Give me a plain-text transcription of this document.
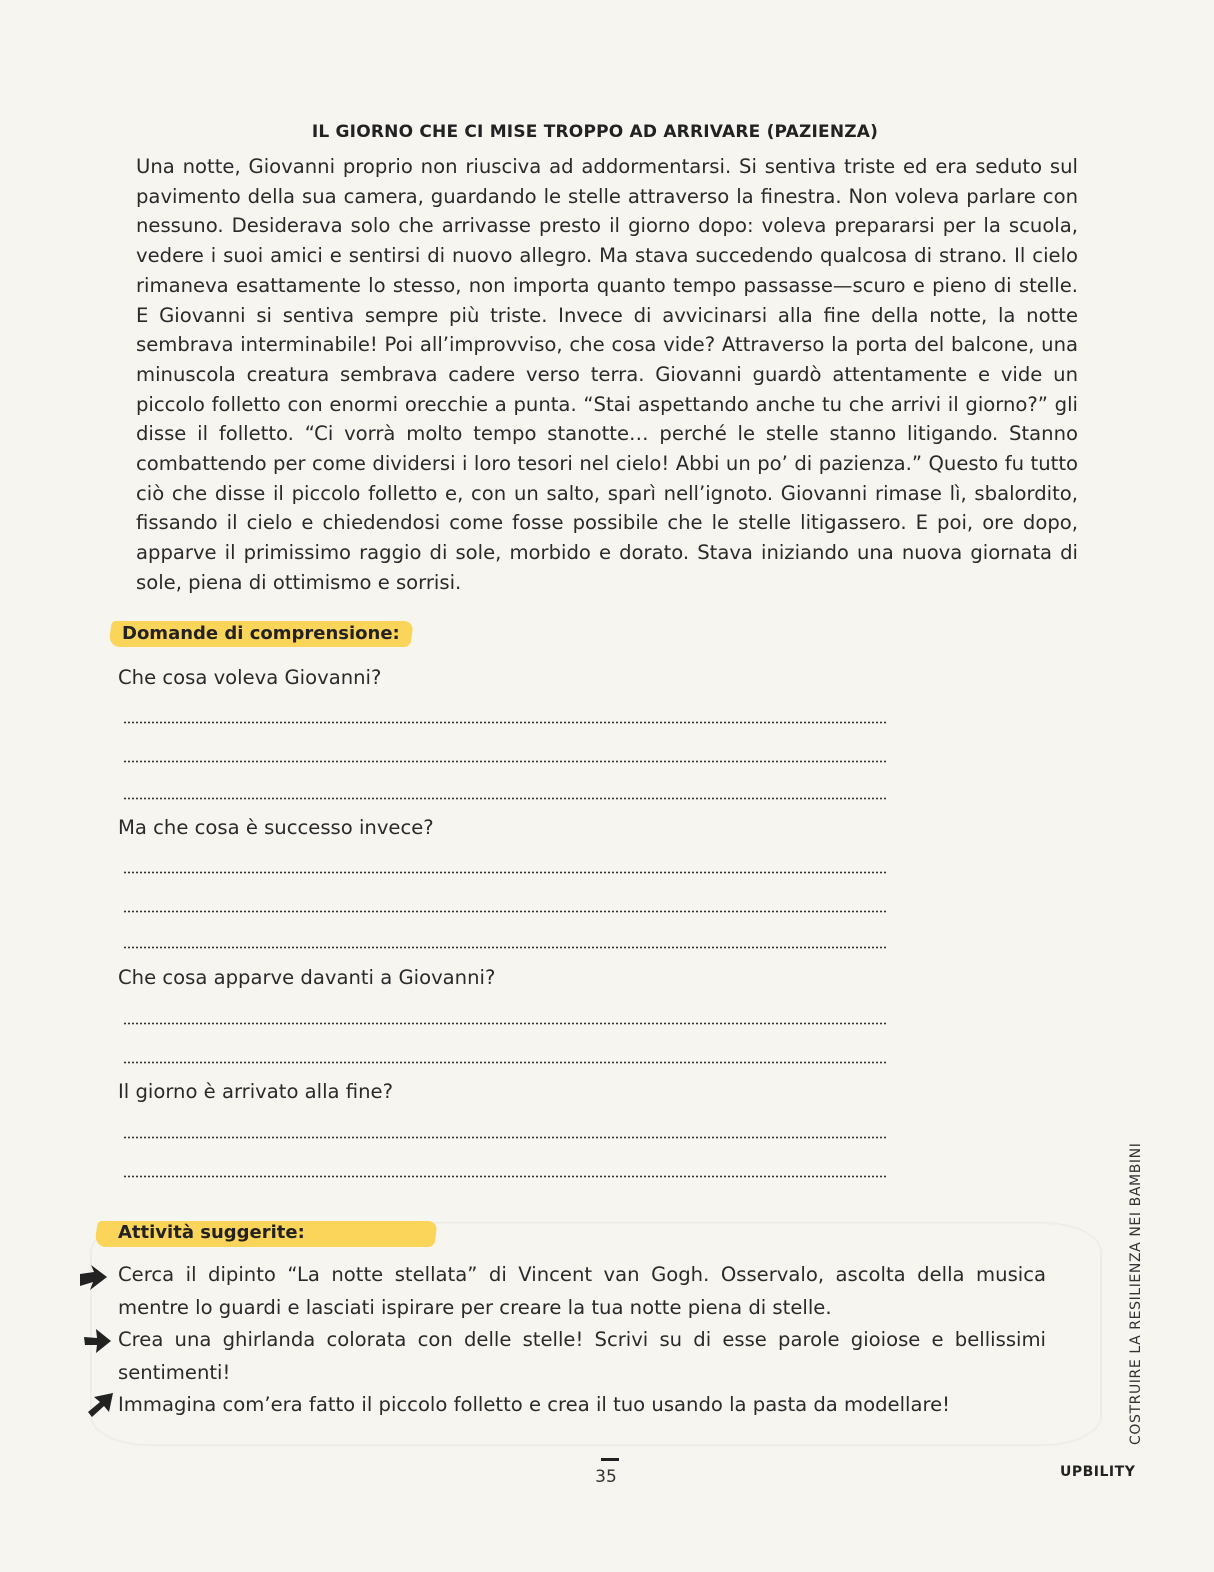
IL GIORNO CHE CI MISE TROPPO AD ARRIVARE (PAZIENZA)

Una notte, Giovanni proprio non riusciva ad addormentarsi. Si sentiva triste ed era seduto sul pavimento della sua camera, guardando le stelle attraverso la finestra. Non voleva parlare con nessuno. Desiderava solo che arrivasse presto il giorno dopo: voleva prepararsi per la scuola, vedere i suoi amici e sentirsi di nuovo allegro. Ma stava succedendo qualcosa di strano. Il cielo rimaneva esattamente lo stesso, non importa quanto tempo passasse—scuro e pieno di stelle. E Giovanni si sentiva sempre più triste. Invece di avvicinarsi alla fine della notte, la notte sembrava interminabile! Poi all’improvviso, che cosa vide? Attraverso la porta del balcone, una minuscola creatura sembrava cadere verso terra. Giovanni guardò attentamente e vide un piccolo folletto con enormi orecchie a punta. “Stai aspettando anche tu che arrivi il giorno?” gli disse il folletto. “Ci vorrà molto tempo stanotte… perché le stelle stanno litigando. Stanno combattendo per come dividersi i loro tesori nel cielo! Abbi un po’ di pazienza.” Questo fu tutto ciò che disse il piccolo folletto e, con un salto, sparì nell’ignoto. Giovanni rimase lì, sbalordito, fissando il cielo e chiedendosi come fosse possibile che le stelle litigassero. E poi, ore dopo, apparve il primissimo raggio di sole, morbido e dorato. Stava iniziando una nuova giornata di sole, piena di ottimismo e sorrisi.

Domande di comprensione:
Che cosa voleva Giovanni?
Ma che cosa è successo invece?
Che cosa apparve davanti a Giovanni?
Il giorno è arrivato alla fine?
Attività suggerite:

Cerca il dipinto “La notte stellata” di Vincent van Gogh. Osservalo, ascolta della musica mentre lo guardi e lasciati ispirare per creare la tua notte piena di stelle.

Crea una ghirlanda colorata con delle stelle! Scrivi su di esse parole gioiose e bellissimi sentimenti!

Immagina com’era fatto il piccolo folletto e crea il tuo usando la pasta da modellare!	COSTRUIRE LA RESILIENZA NEI BAMBINI
35	UPBILITY
